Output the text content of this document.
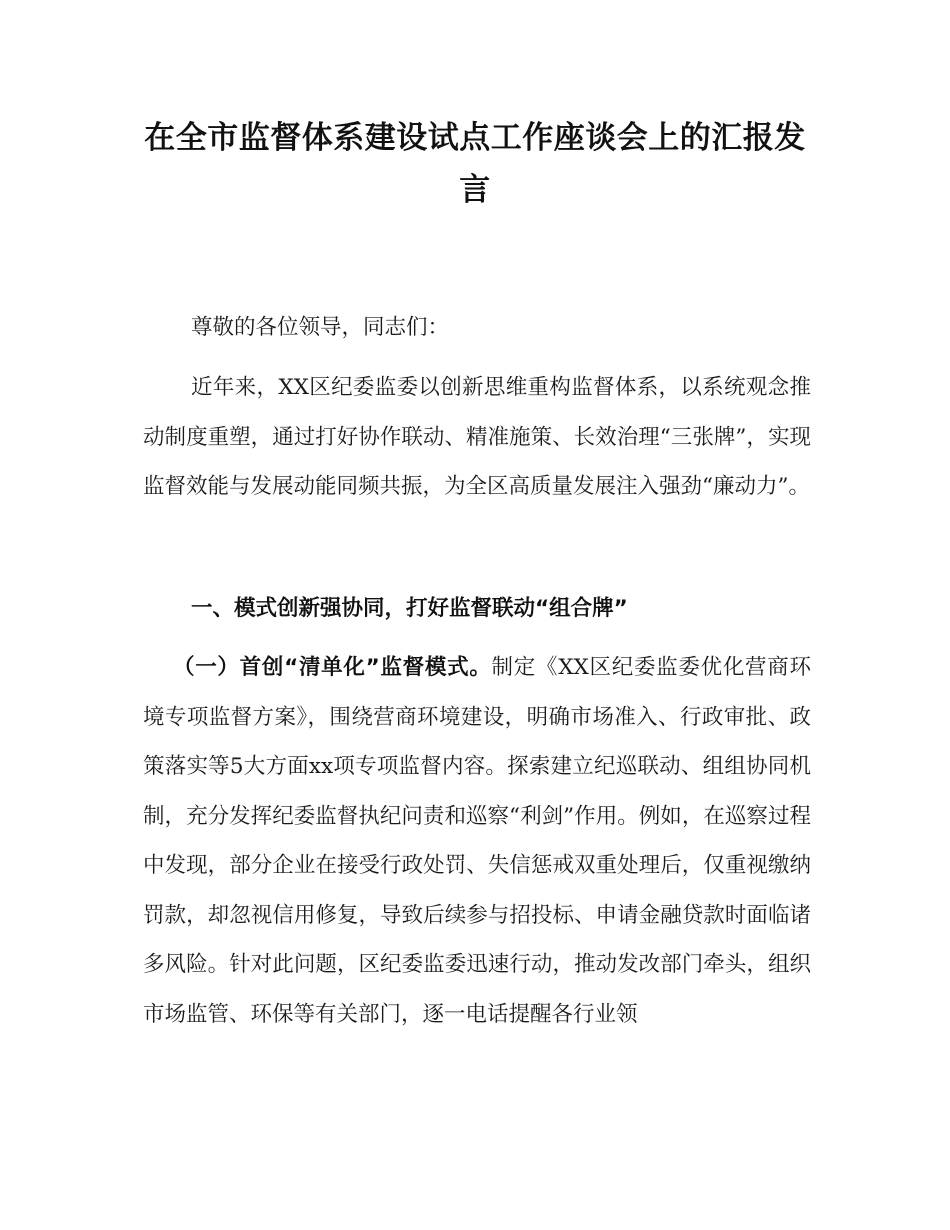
在全市监督体系建设试点工作座谈会上的汇报发言

尊敬的各位领导，同志们：

近年来，XX区纪委监委以创新思维重构监督体系，以系统观念推动制度重塑，通过打好协作联动、精准施策、长效治理“三张牌”，实现监督效能与发展动能同频共振，为全区高质量发展注入强劲“廉动力”。

一、模式创新强协同，打好监督联动“组合牌”

（一）首创“清单化”监督模式。制定《XX区纪委监委优化营商环境专项监督方案》，围绕营商环境建设，明确市场准入、行政审批、政策落实等5大方面xx项专项监督内容。探索建立纪巡联动、组组协同机制，充分发挥纪委监督执纪问责和巡察“利剑”作用。例如，在巡察过程中发现，部分企业在接受行政处罚、失信惩戒双重处理后，仅重视缴纳罚款，却忽视信用修复，导致后续参与招投标、申请金融贷款时面临诸多风险。针对此问题，区纪委监委迅速行动，推动发改部门牵头，组织市场监管、环保等有关部门，逐一电话提醒各行业领
